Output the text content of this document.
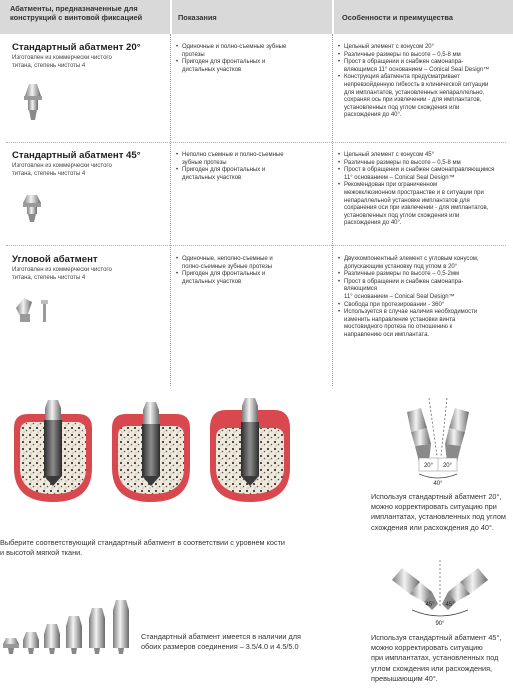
Абатменты, предназначенные для
конструкций с винтовой фиксацией	Показания	Особенности и преимущества
Стандартный абатмент 20°
Изготовлен из коммерчески чистого
титана, степень чистоты 4
• Одиночные и полно-съемные зубные
протезы
• Пригоден для фронтальных и
дистальных участков
• Цельный элемент с конусом 20°
• Различные размеры по высоте – 0,5-8 мм
• Прост в обращении и снабжен самонапра-
вляющимся 11° основанием – Conical Seal Design™
• Конструкция абатмента предусматривает
непревзойденную гибкость в клинической ситуации
для имплантатов, установленных непараллельно,
сохраняя ось при извлечении - для имплантатов,
установленных под углом схождения или
расхождения до 40°.
Стандартный абатмент 45°
Изготовлен из коммерчески чистого
титана, степень чистоты 4
• Неполно съемные и полно-съемные
зубные протезы
• Пригоден для фронтальных и
дистальных участков
• Цельный элемент с конусом 45°
• Различные размеры по высоте – 0,5-8 мм
• Прост в обращении и снабжен самонаправляющимся
11° основанием – Conical Seal Design™
• Рекомендован при ограниченном
межокклюзионном пространстве и в ситуации при
непараллельной установке имплантатов для
сохранения оси при извлечении - для имплантатов,
установленных под углом схождения или
расхождения до 40°.
Угловой абатмент
Изготовлен из коммерчески чистого
титана, степень чистоты 4
• Одиночные, неполно-съемные и
полно-съемные зубные протезы
• Пригоден для фронтальных и
дистальных участков
• Двухкомпонентный элемент с угловым конусом,
допускающим установку под углом в 20°
• Различные размеры по высоте – 0,5-2мм
• Прост в обращении и снабжен самонапра-
вляющимся
11° основанием – Conical Seal Design™
• Свобода при протезировании - 360°
• Используется в случае наличия необходимости
изменить направление установки винта
мостовидного протеза по отношению к
направлению оси имплантата.
Выберите соответствующий стандартный абатмент в соответствии с уровнем кости
и высотой мягкой ткани.
Стандартный абатмент имеется в наличии для
обоих размеров соединения – 3.5/4.0 и 4.5/5.0
20° 20°
40°
Используя стандартный абатмент 20°,
можно корректировать ситуацию при
имплантатах, установленных под углом
схождения или расхождения до 40°.
45° 45°
90°
Используя стандартный абатмент 45°,
можно корректировать ситуацию
при имплантатах, установленных под
углом схождения или расхождения,
превышающим 40°.
